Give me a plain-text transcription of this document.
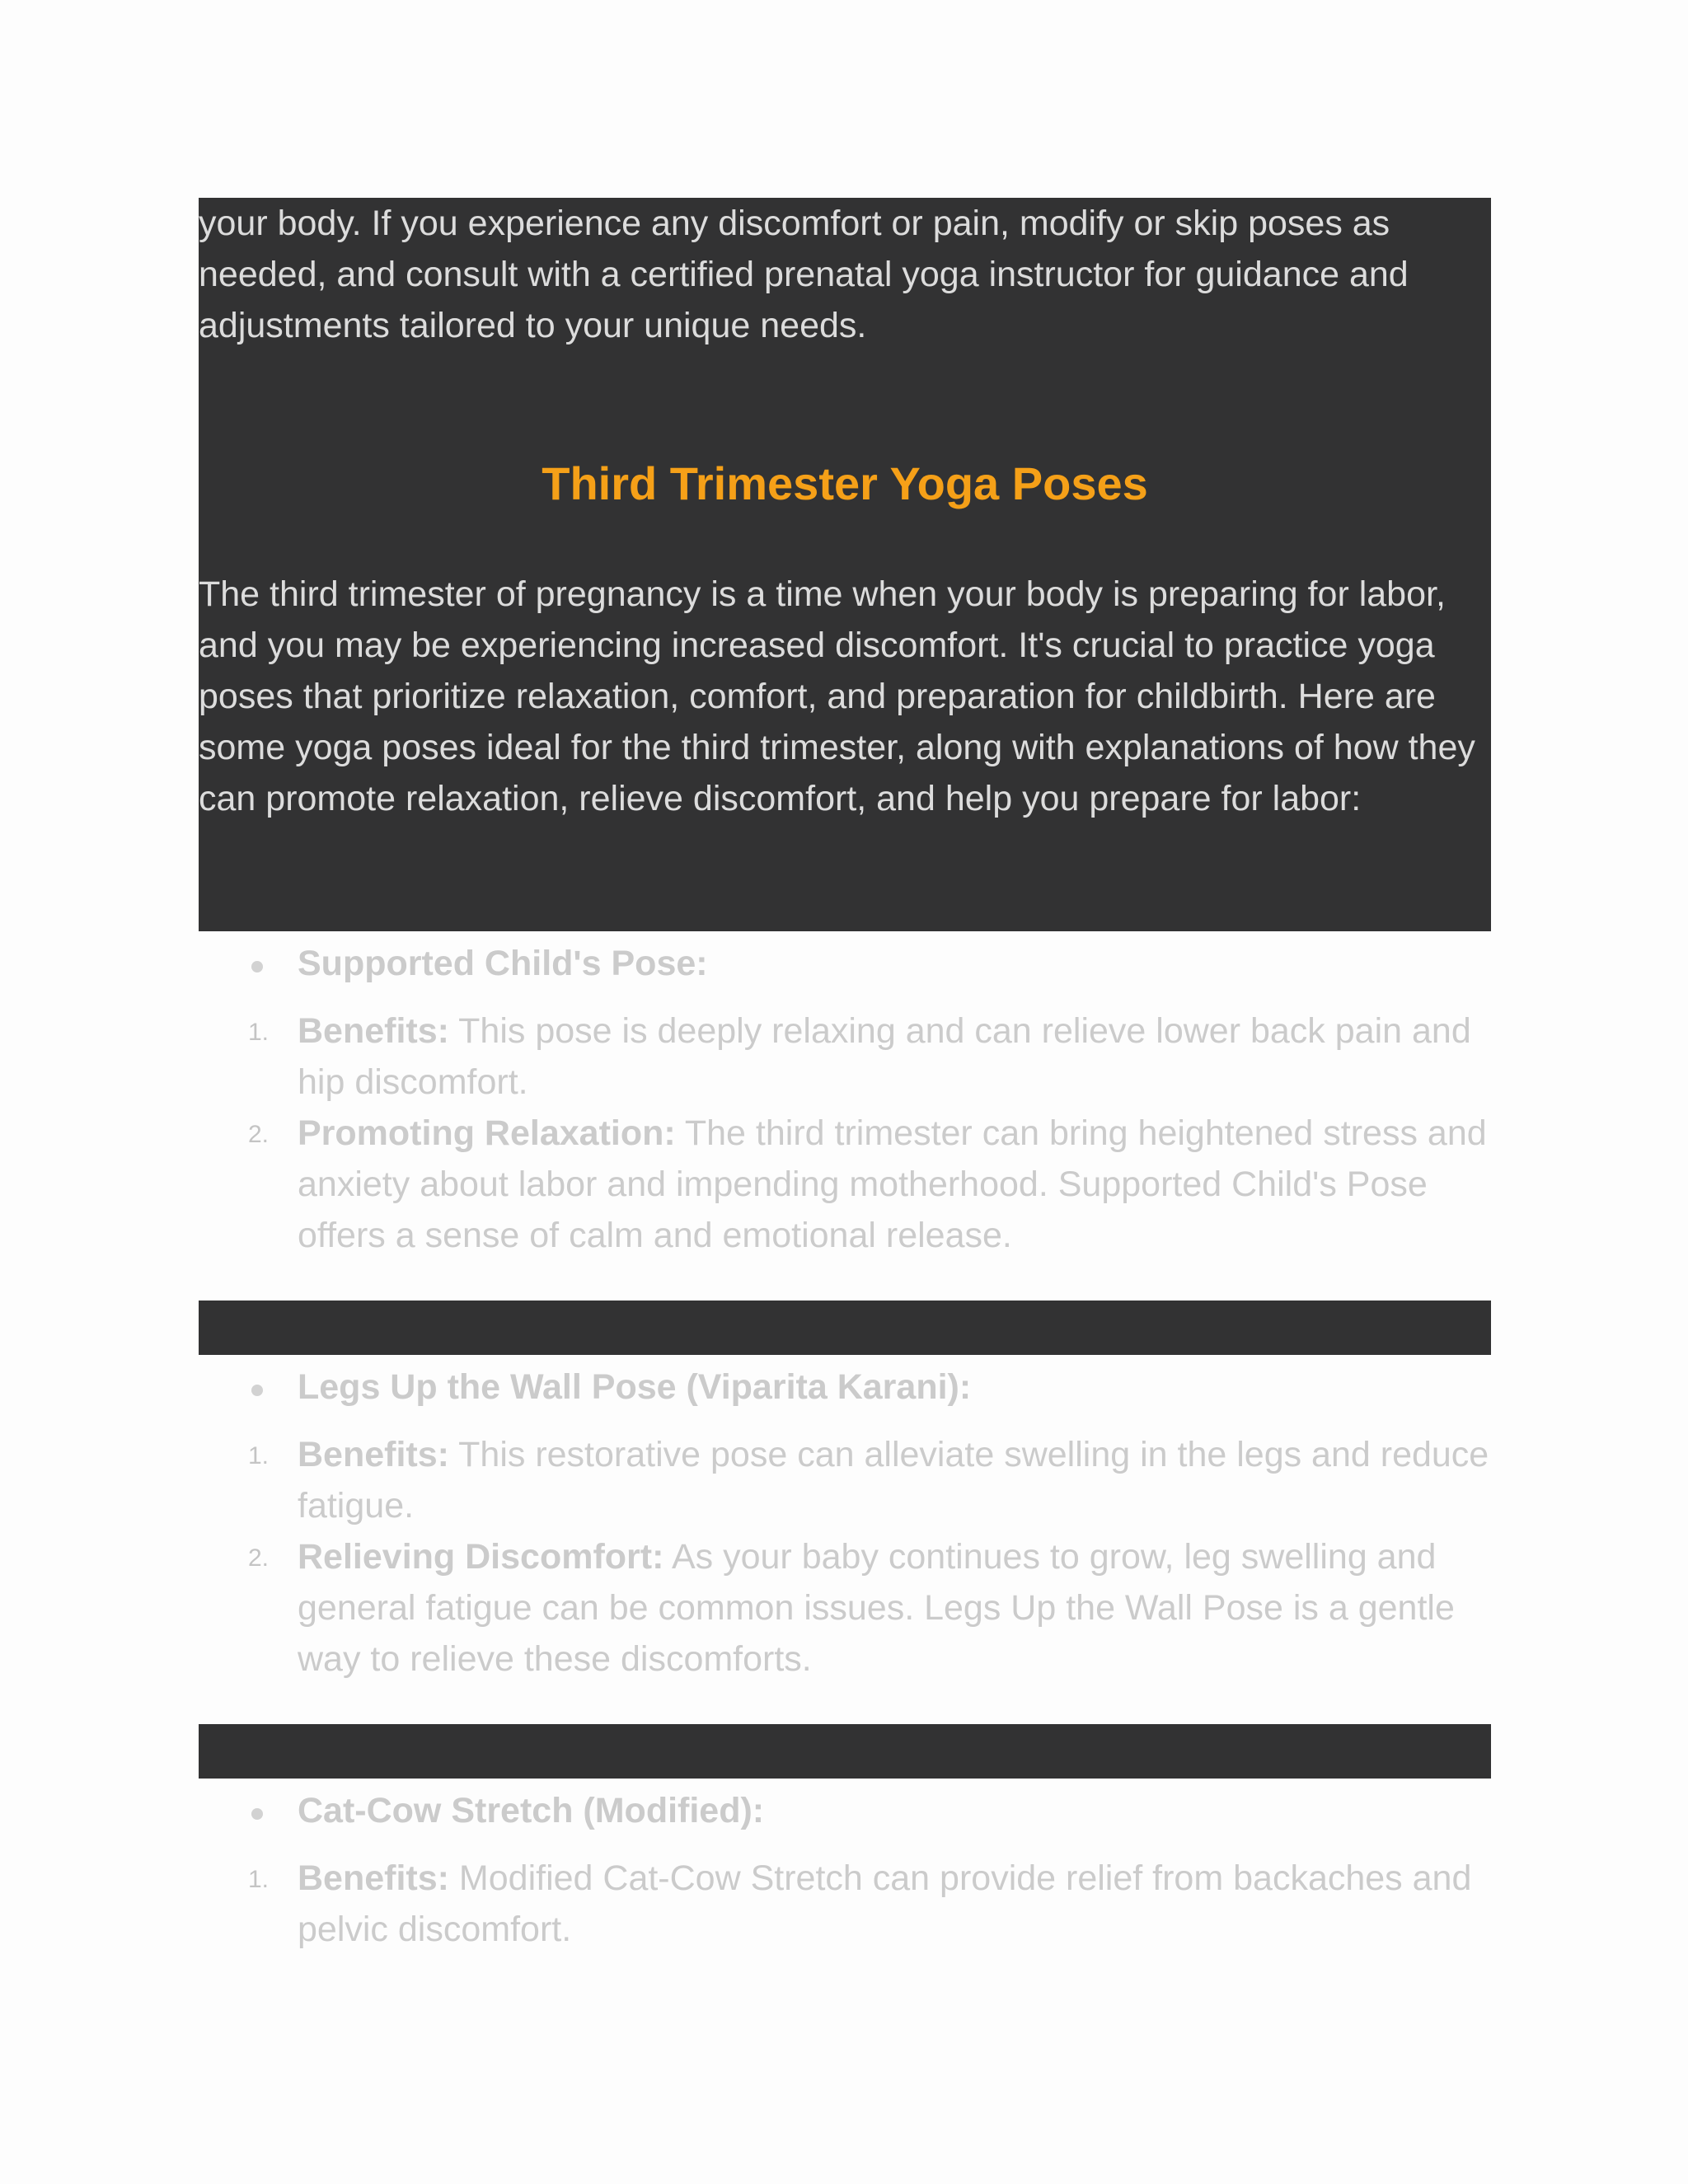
your body. If you experience any discomfort or pain, modify or skip poses as needed, and consult with a certified prenatal yoga instructor for guidance and adjustments tailored to your unique needs.

Third Trimester Yoga Poses

The third trimester of pregnancy is a time when your body is preparing for labor, and you may be experiencing increased discomfort. It's crucial to practice yoga poses that prioritize relaxation, comfort, and preparation for childbirth. Here are some yoga poses ideal for the third trimester, along with explanations of how they can promote relaxation, relieve discomfort, and help you prepare for labor:

Supported Child's Pose:
1. Benefits: This pose is deeply relaxing and can relieve lower back pain and hip discomfort.
2. Promoting Relaxation: The third trimester can bring heightened stress and anxiety about labor and impending motherhood. Supported Child's Pose offers a sense of calm and emotional release.
Legs Up the Wall Pose (Viparita Karani):
1. Benefits: This restorative pose can alleviate swelling in the legs and reduce fatigue.
2. Relieving Discomfort: As your baby continues to grow, leg swelling and general fatigue can be common issues. Legs Up the Wall Pose is a gentle way to relieve these discomforts.
Cat-Cow Stretch (Modified):
1. Benefits: Modified Cat-Cow Stretch can provide relief from backaches and pelvic discomfort.
